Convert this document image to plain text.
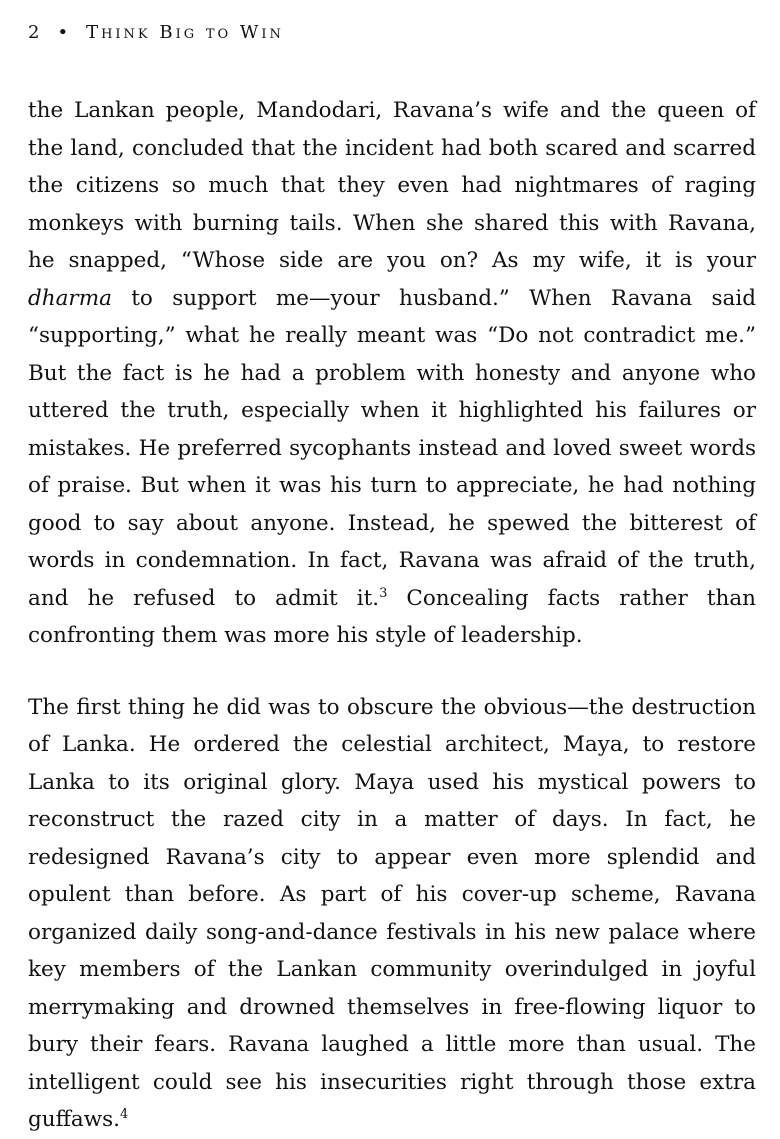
2 • Think Big to Win

the Lankan people, Mandodari, Ravana’s wife and the queen of the land, concluded that the incident had both scared and scarred the citizens so much that they even had nightmares of raging monkeys with burning tails. When she shared this with Ravana, he snapped, “Whose side are you on? As my wife, it is your dharma to support me—your husband.” When Ravana said “supporting,” what he really meant was “Do not contradict me.” But the fact is he had a problem with honesty and anyone who uttered the truth, especially when it highlighted his failures or mistakes. He preferred sycophants instead and loved sweet words of praise. But when it was his turn to appreciate, he had nothing good to say about anyone. Instead, he spewed the bitterest of words in condemnation. In fact, Ravana was afraid of the truth, and he refused to admit it.$^3$ Concealing facts rather than confronting them was more his style of leadership.

The first thing he did was to obscure the obvious—the destruction of Lanka. He ordered the celestial architect, Maya, to restore Lanka to its original glory. Maya used his mystical powers to reconstruct the razed city in a matter of days. In fact, he redesigned Ravana’s city to appear even more splendid and opulent than before. As part of his cover-up scheme, Ravana organized daily song-and-dance festivals in his new palace where key members of the Lankan community overindulged in joyful merrymaking and drowned themselves in free-flowing liquor to bury their fears. Ravana laughed a little more than usual. The intelligent could see his insecurities right through those extra guffaws.$^4$
